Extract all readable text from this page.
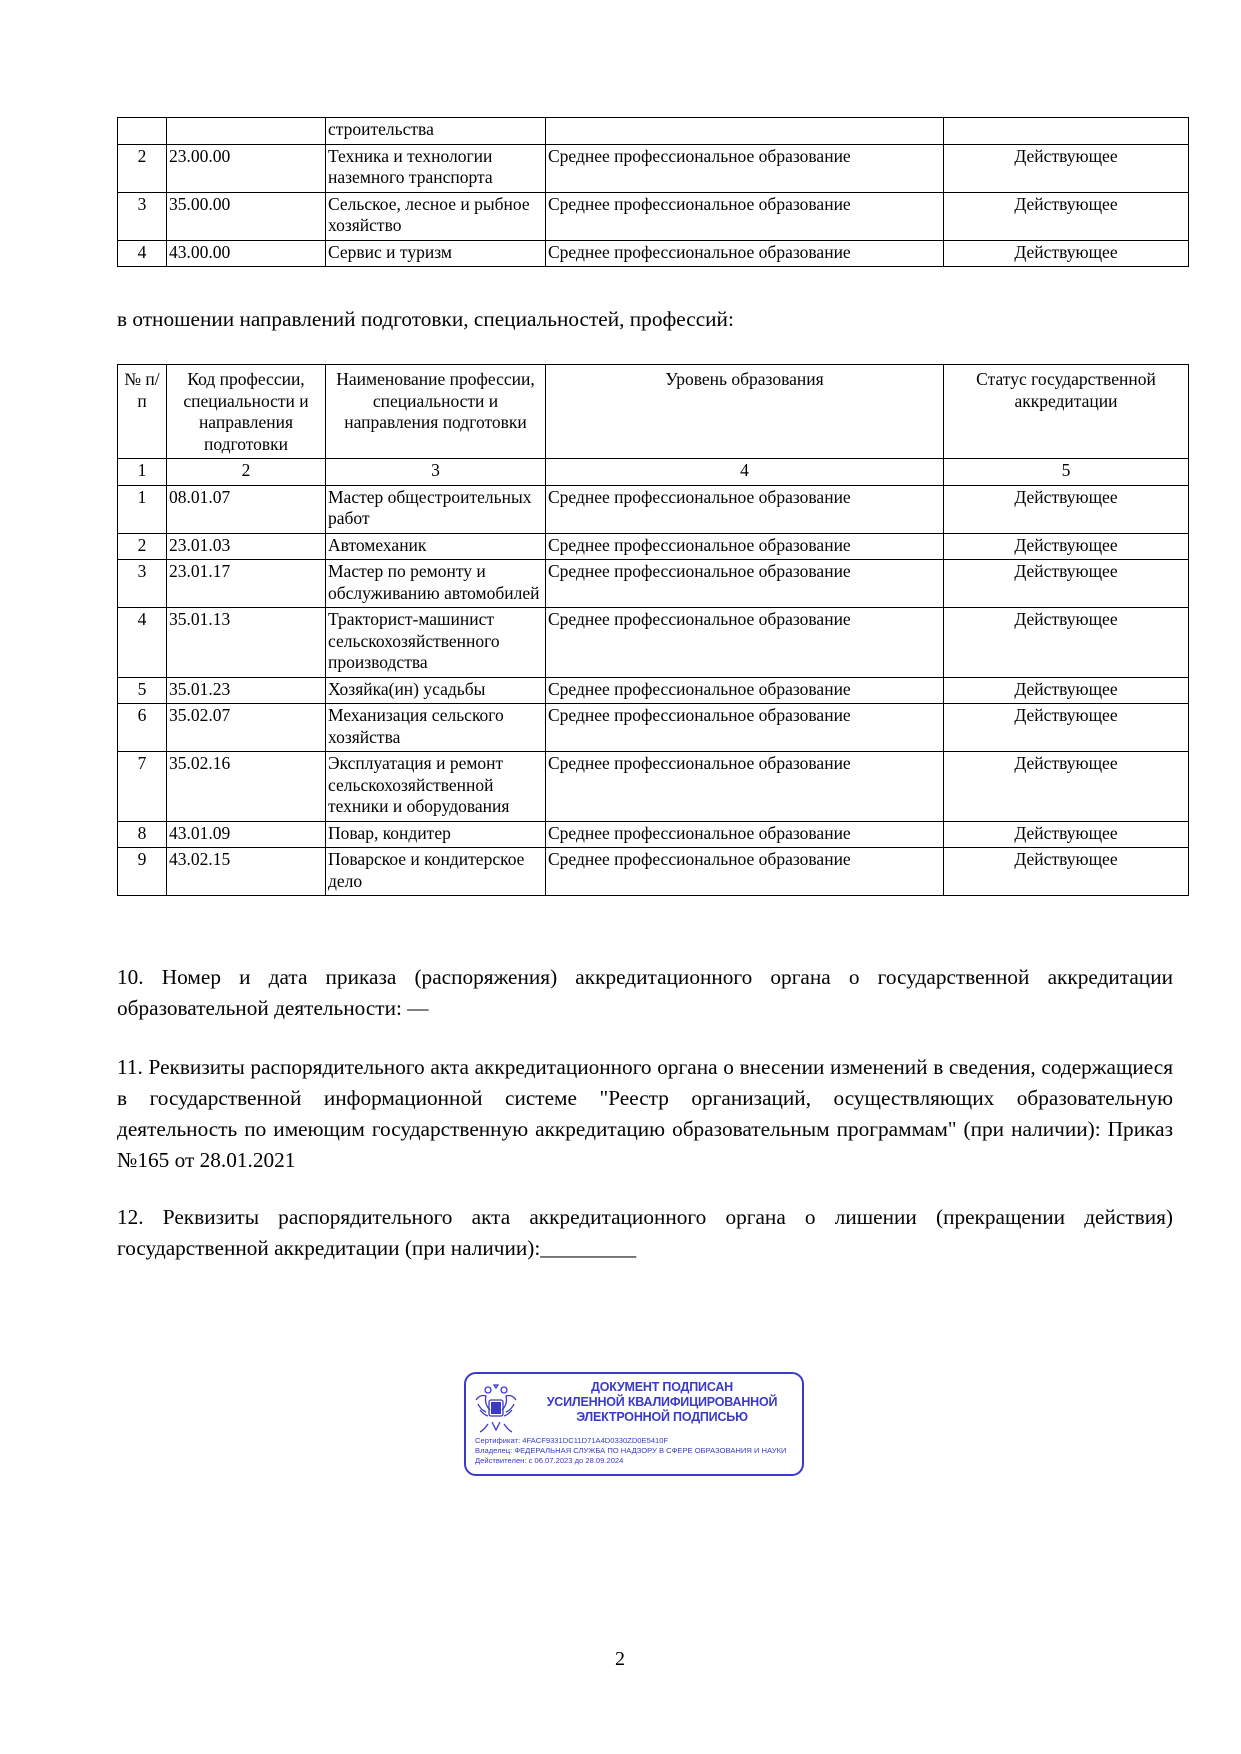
		строительства		
2	23.00.00	Техника и технологии наземного транспорта	Среднее профессиональное образование	Действующее
3	35.00.00	Сельское, лесное и рыбное хозяйство	Среднее профессиональное образование	Действующее
4	43.00.00	Сервис и туризм	Среднее профессиональное образование	Действующее

в отношении направлений подготовки, специальностей, профессий:

№ п/п	Код профессии, специальности и направления подготовки	Наименование профессии, специальности и направления подготовки	Уровень образования	Статус государственной аккредитации
1	2	3	4	5
1	08.01.07	Мастер общестроительных работ	Среднее профессиональное образование	Действующее
2	23.01.03	Автомеханик	Среднее профессиональное образование	Действующее
3	23.01.17	Мастер по ремонту и обслуживанию автомобилей	Среднее профессиональное образование	Действующее
4	35.01.13	Тракторист-машинист сельскохозяйственного производства	Среднее профессиональное образование	Действующее
5	35.01.23	Хозяйка(ин) усадьбы	Среднее профессиональное образование	Действующее
6	35.02.07	Механизация сельского хозяйства	Среднее профессиональное образование	Действующее
7	35.02.16	Эксплуатация и ремонт сельскохозяйственной техники и оборудования	Среднее профессиональное образование	Действующее
8	43.01.09	Повар, кондитер	Среднее профессиональное образование	Действующее
9	43.02.15	Поварское и кондитерское дело	Среднее профессиональное образование	Действующее

10. Номер и дата приказа (распоряжения) аккредитационного органа о государственной аккредитации образовательной деятельности: —

11. Реквизиты распорядительного акта аккредитационного органа о внесении изменений в сведения, содержащиеся в государственной информационной системе "Реестр организаций, осуществляющих образовательную деятельность по имеющим государственную аккредитацию образовательным программам" (при наличии): Приказ №165 от 28.01.2021

12. Реквизиты распорядительного акта аккредитационного органа о лишении (прекращении действия) государственной аккредитации (при наличии):_________

ДОКУМЕНТ ПОДПИСАН
УСИЛЕННОЙ КВАЛИФИЦИРОВАННОЙ
ЭЛЕКТРОННОЙ ПОДПИСЬЮ
Сертификат: 4FACF9331DC11D71A4D0330ZD0E5410F
Владелец: ФЕДЕРАЛЬНАЯ СЛУЖБА ПО НАДЗОРУ В СФЕРЕ ОБРАЗОВАНИЯ И НАУКИ
Действителен: с 06.07.2023 до 28.09.2024
2
